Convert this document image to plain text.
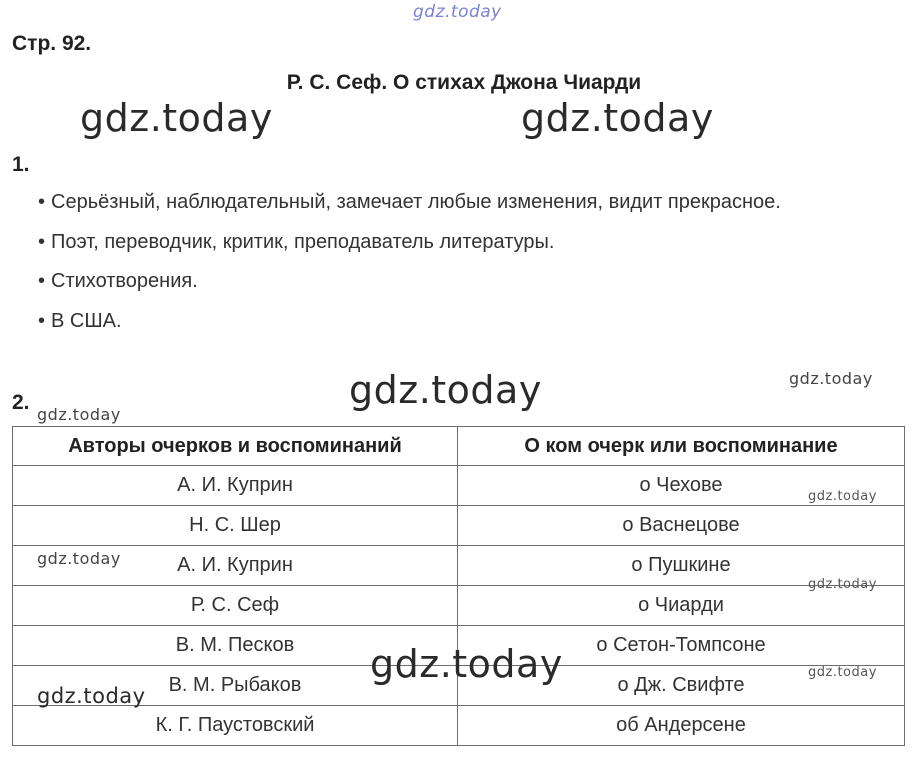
gdz.today
Стр. 92.
Р. С. Сеф. О стихах Джона Чиарди
gdz.today	gdz.today
1.
• Серьёзный, наблюдательный, замечает любые изменения, видит прекрасное.
• Поэт, переводчик, критик, преподаватель литературы.
• Стихотворения.
• В США.
2.	gdz.today	gdz.today
gdz.today
Авторы очерков и воспоминаний	О ком очерк или воспоминание
А. И. Куприн	о Чехове
Н. С. Шер	о Васнецове
А. И. Куприн	о Пушкине
Р. С. Сеф	о Чиарди
В. М. Песков	о Сетон-Томпсоне
В. М. Рыбаков	о Дж. Свифте
К. Г. Паустовский	об Андерсене
gdz.today
gdz.today
gdz.today
gdz.today	gdz.today
gdz.today
